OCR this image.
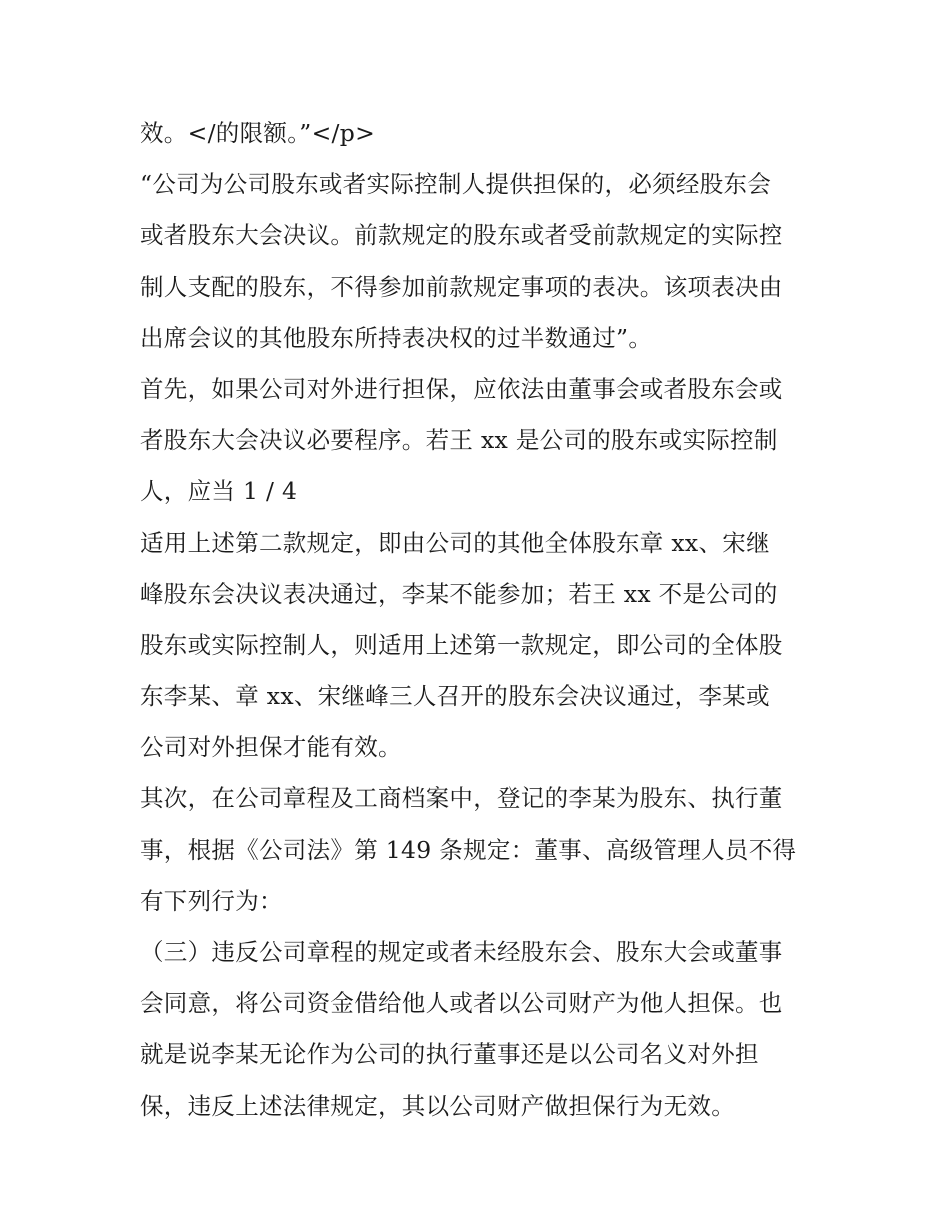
效。</的限额。”</p>
“公司为公司股东或者实际控制人提供担保的，必须经股东会
或者股东大会决议。前款规定的股东或者受前款规定的实际控
制人支配的股东，不得参加前款规定事项的表决。该项表决由
出席会议的其他股东所持表决权的过半数通过”。
首先，如果公司对外进行担保，应依法由董事会或者股东会或
者股东大会决议必要程序。若王 xx 是公司的股东或实际控制
人，应当 1 / 4
适用上述第二款规定，即由公司的其他全体股东章 xx、宋继
峰股东会决议表决通过，李某不能参加；若王 xx 不是公司的
股东或实际控制人，则适用上述第一款规定，即公司的全体股
东李某、章 xx、宋继峰三人召开的股东会决议通过，李某或
公司对外担保才能有效。
其次，在公司章程及工商档案中，登记的李某为股东、执行董
事，根据《公司法》第 149 条规定：董事、高级管理人员不得
有下列行为：
（三）违反公司章程的规定或者未经股东会、股东大会或董事
会同意，将公司资金借给他人或者以公司财产为他人担保。也
就是说李某无论作为公司的执行董事还是以公司名义对外担
保，违反上述法律规定，其以公司财产做担保行为无效。
